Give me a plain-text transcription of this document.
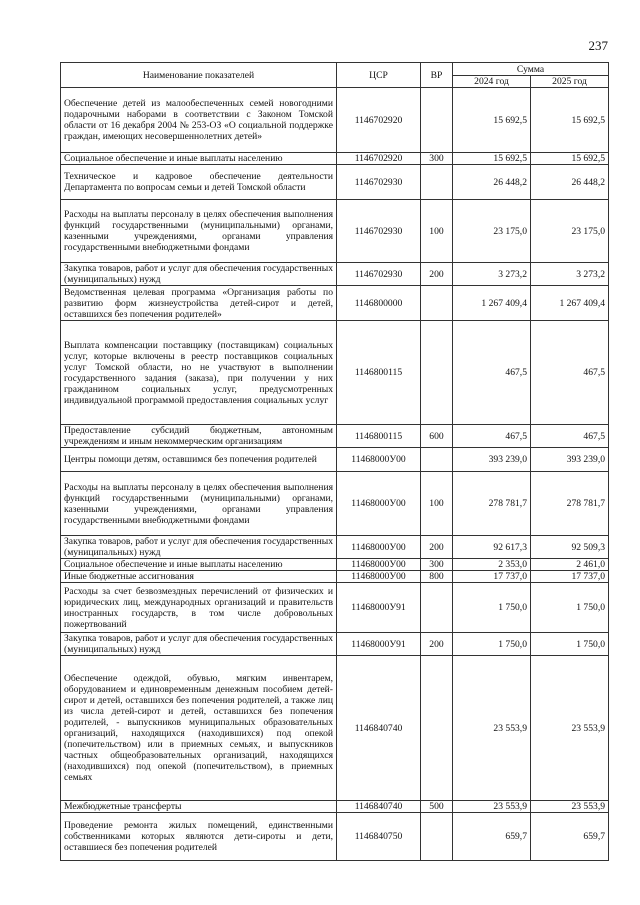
237
Наименование показателей	ЦСР	ВР	Сумма	
			2024 год	2025 год
Обеспечение детей из малообеспеченных семей новогодними подарочными наборами в соответствии с Законом Томской области от 16 декабря 2004 № 253-ОЗ «О социальной поддержке граждан, имеющих несовершеннолетних детей»	1146702920		15 692,5	15 692,5
Социальное обеспечение и иные выплаты населению	1146702920	300	15 692,5	15 692,5
Техническое и кадровое обеспечение деятельности Департамента по вопросам семьи и детей Томской области	1146702930		26 448,2	26 448,2
Расходы на выплаты персоналу в целях обеспечения выполнения функций государственными (муниципальными) органами, казенными учреждениями, органами управления государственными внебюджетными фондами	1146702930	100	23 175,0	23 175,0
Закупка товаров, работ и услуг для обеспечения государственных (муниципальных) нужд	1146702930	200	3 273,2	3 273,2
Ведомственная целевая программа «Организация работы по развитию форм жизнеустройства детей-сирот и детей, оставшихся без попечения родителей»	1146800000		1 267 409,4	1 267 409,4
Выплата компенсации поставщику (поставщикам) социальных услуг, которые включены в реестр поставщиков социальных услуг Томской области, но не участвуют в выполнении государственного задания (заказа), при получении у них гражданином социальных услуг, предусмотренных индивидуальной программой предоставления социальных услуг	1146800115		467,5	467,5
Предоставление субсидий бюджетным, автономным учреждениям и иным некоммерческим организациям	1146800115	600	467,5	467,5
Центры помощи детям, оставшимся без попечения родителей	11468000У00		393 239,0	393 239,0
Расходы на выплаты персоналу в целях обеспечения выполнения функций государственными (муниципальными) органами, казенными учреждениями, органами управления государственными внебюджетными фондами	11468000У00	100	278 781,7	278 781,7
Закупка товаров, работ и услуг для обеспечения государственных (муниципальных) нужд	11468000У00	200	92 617,3	92 509,3
Социальное обеспечение и иные выплаты населению	11468000У00	300	2 353,0	2 461,0
Иные бюджетные ассигнования	11468000У00	800	17 737,0	17 737,0
Расходы за счет безвозмездных перечислений от физических и юридических лиц, международных организаций и правительств иностранных государств, в том числе добровольных пожертвований	11468000У91		1 750,0	1 750,0
Закупка товаров, работ и услуг для обеспечения государственных (муниципальных) нужд	11468000У91	200	1 750,0	1 750,0
Обеспечение одеждой, обувью, мягким инвентарем, оборудованием и единовременным денежным пособием детей-сирот и детей, оставшихся без попечения родителей, а также лиц из числа детей-сирот и детей, оставшихся без попечения родителей, - выпускников муниципальных образовательных организаций, находящихся (находившихся) под опекой (попечительством) или в приемных семьях, и выпускников частных общеобразовательных организаций, находящихся (находившихся) под опекой (попечительством), в приемных семьях	1146840740		23 553,9	23 553,9
Межбюджетные трансферты	1146840740	500	23 553,9	23 553,9
Проведение ремонта жилых помещений, единственными собственниками которых являются дети-сироты и дети, оставшиеся без попечения родителей	1146840750		659,7	659,7
